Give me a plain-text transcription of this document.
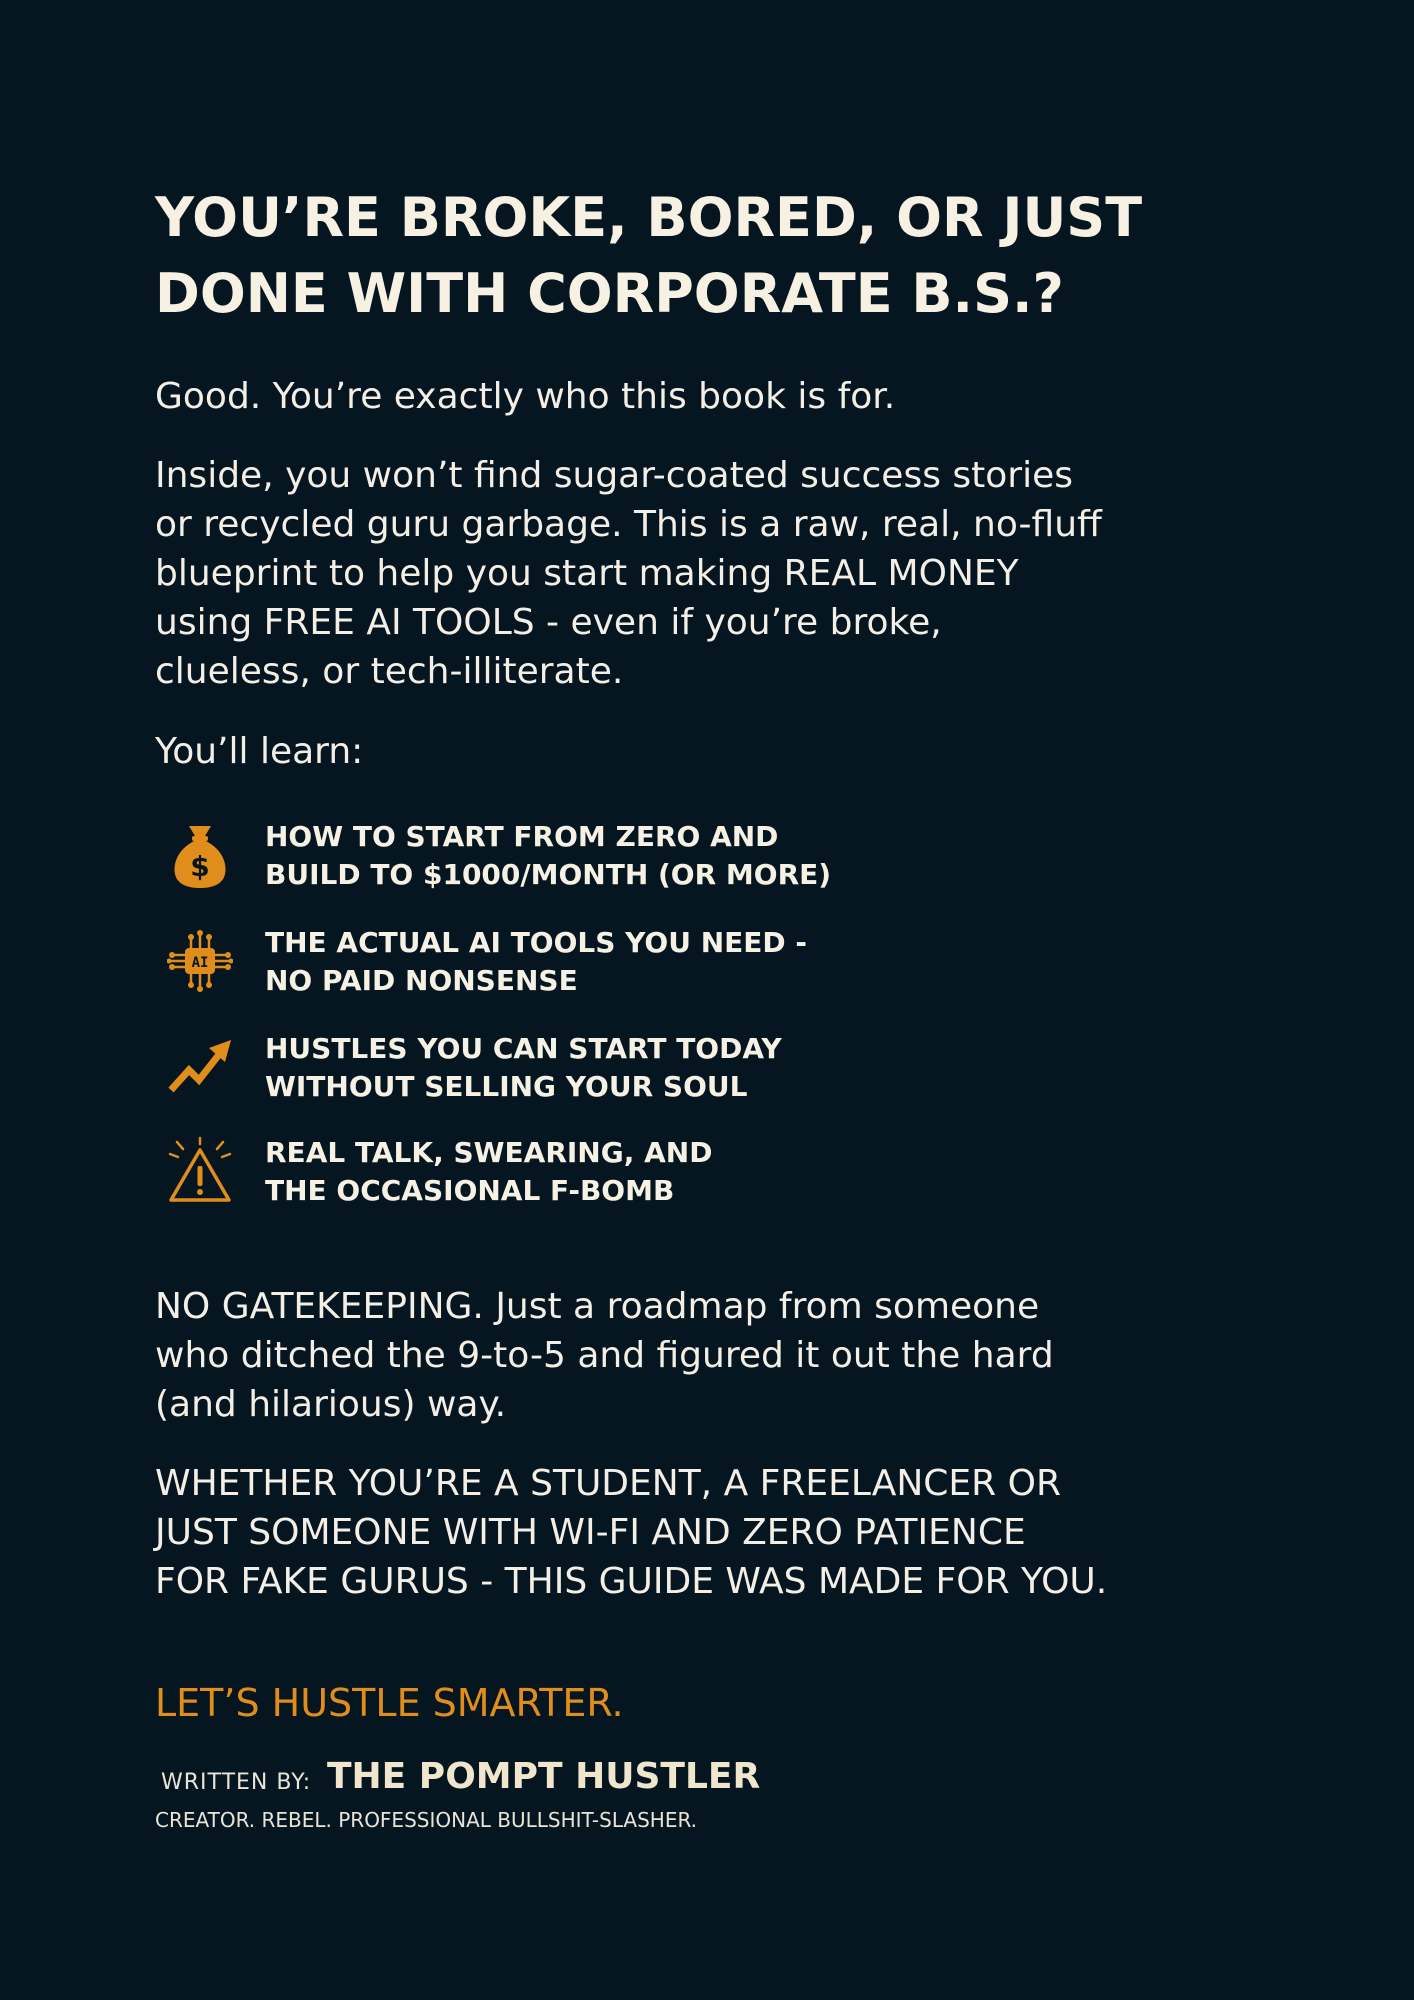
YOU’RE BROKE, BORED, OR JUST
DONE WITH CORPORATE B.S.?

Good. You’re exactly who this book is for.

Inside, you won’t find sugar-coated success stories
or recycled guru garbage. This is a raw, real, no-fluff
blueprint to help you start making REAL MONEY
using FREE AI TOOLS - even if you’re broke,
clueless, or tech-illiterate.

You’ll learn:

$
HOW TO START FROM ZERO AND
BUILD TO $1000/MONTH (OR MORE)
AI
THE ACTUAL AI TOOLS YOU NEED -
NO PAID NONSENSE
HUSTLES YOU CAN START TODAY
WITHOUT SELLING YOUR SOUL
REAL TALK, SWEARING, AND
THE OCCASIONAL F-BOMB

NO GATEKEEPING. Just a roadmap from someone
who ditched the 9-to-5 and figured it out the hard
(and hilarious) way.

WHETHER YOU’RE A STUDENT, A FREELANCER OR
JUST SOMEONE WITH WI-FI AND ZERO PATIENCE
FOR FAKE GURUS - THIS GUIDE WAS MADE FOR YOU.

LET’S HUSTLE SMARTER.
WRITTEN BY: THE POMPT HUSTLER
CREATOR. REBEL. PROFESSIONAL BULLSHIT-SLASHER.
